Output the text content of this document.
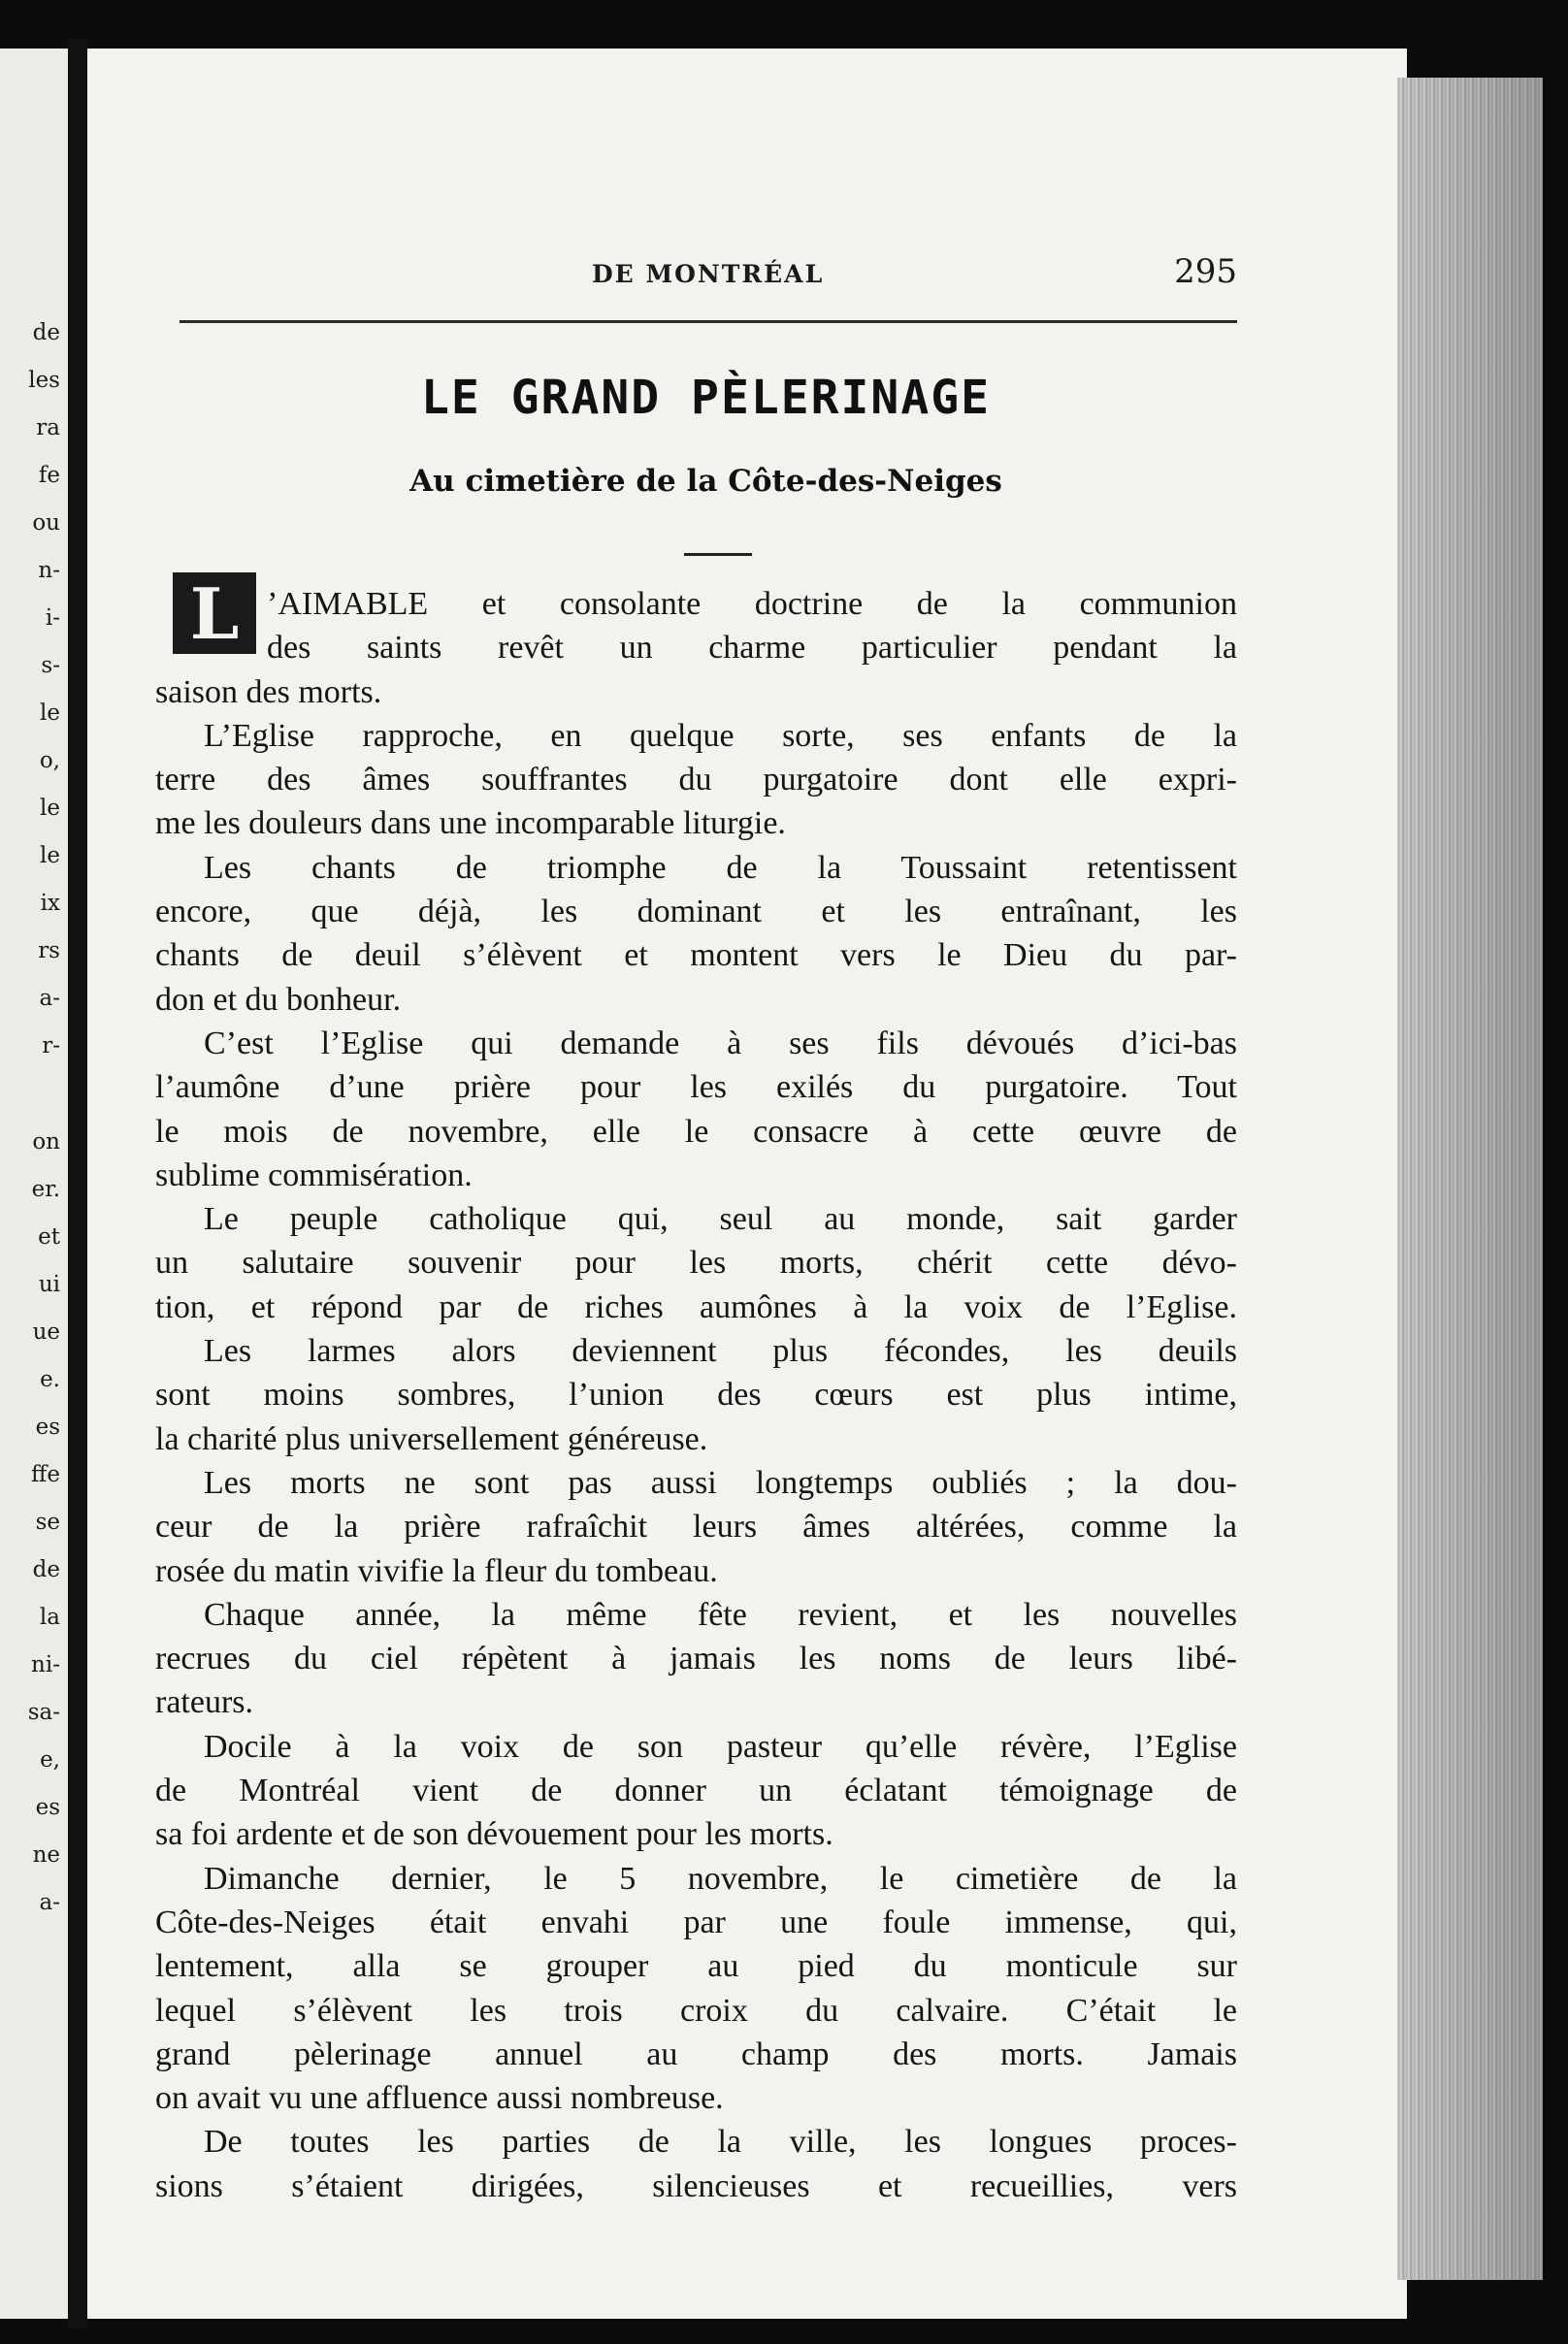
de
les
ra
fe
ou
n-
i-
s-
le
o,
le
le
ix
rs
a-
r-
on
er.
et
ui
ue
e.
es
ffe
se
de
la
ni-
sa-
e,
es
ne
a-
DE MONTRÉAL	295
LE GRAND PÈLERINAGE
Au cimetière de la Côte-des-Neiges
L ’AIMABLE et consolante doctrine de la communion
des saints revêt un charme particulier pendant la
saison des morts.
L’Eglise rapproche, en quelque sorte, ses enfants de la
terre des âmes souffrantes du purgatoire dont elle expri-
me les douleurs dans une incomparable liturgie.
Les chants de triomphe de la Toussaint retentissent
encore, que déjà, les dominant et les entraînant, les
chants de deuil s’élèvent et montent vers le Dieu du par-
don et du bonheur.
C’est l’Eglise qui demande à ses fils dévoués d’ici-bas
l’aumône d’une prière pour les exilés du purgatoire. Tout
le mois de novembre, elle le consacre à cette œuvre de
sublime commisération.
Le peuple catholique qui, seul au monde, sait garder
un salutaire souvenir pour les morts, chérit cette dévo-
tion, et répond par de riches aumônes à la voix de l’Eglise.
Les larmes alors deviennent plus fécondes, les deuils
sont moins sombres, l’union des cœurs est plus intime,
la charité plus universellement généreuse.
Les morts ne sont pas aussi longtemps oubliés ; la dou-
ceur de la prière rafraîchit leurs âmes altérées, comme la
rosée du matin vivifie la fleur du tombeau.
Chaque année, la même fête revient, et les nouvelles
recrues du ciel répètent à jamais les noms de leurs libé-
rateurs.
Docile à la voix de son pasteur qu’elle révère, l’Eglise
de Montréal vient de donner un éclatant témoignage de
sa foi ardente et de son dévouement pour les morts.
Dimanche dernier, le 5 novembre, le cimetière de la
Côte-des-Neiges était envahi par une foule immense, qui,
lentement, alla se grouper au pied du monticule sur
lequel s’élèvent les trois croix du calvaire. C’était le
grand pèlerinage annuel au champ des morts. Jamais
on avait vu une affluence aussi nombreuse.
De toutes les parties de la ville, les longues proces-
sions s’étaient dirigées, silencieuses et recueillies, vers
